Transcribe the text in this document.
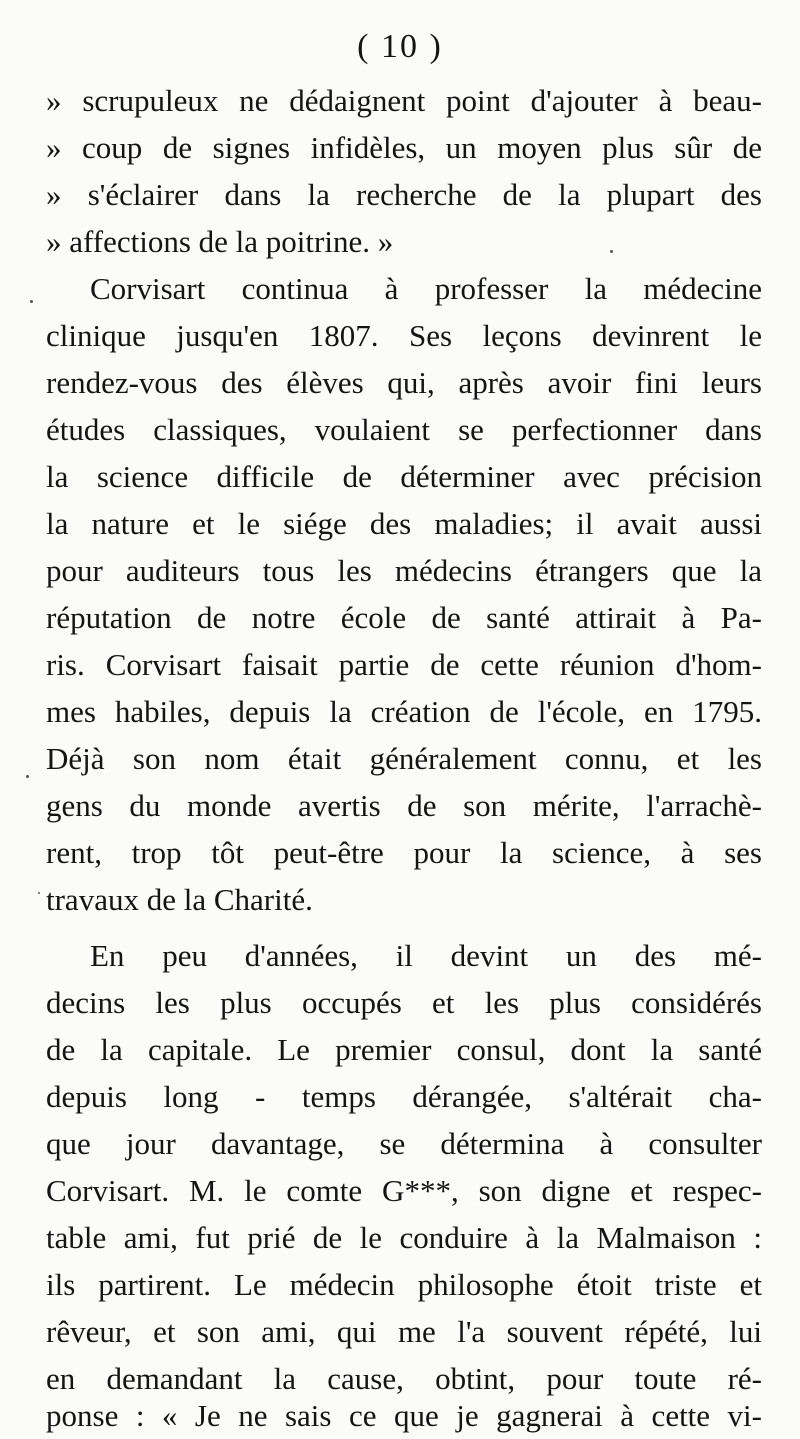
( 10 )
» scrupuleux ne dédaignent point d'ajouter à beau-
» coup de signes infidèles, un moyen plus sûr de
» s'éclairer dans la recherche de la plupart des
» affections de la poitrine. »
Corvisart continua à professer la médecine
clinique jusqu'en 1807. Ses leçons devinrent le
rendez-vous des élèves qui, après avoir fini leurs
études classiques, voulaient se perfectionner dans
la science difficile de déterminer avec précision
la nature et le siége des maladies; il avait aussi
pour auditeurs tous les médecins étrangers que la
réputation de notre école de santé attirait à Pa-
ris. Corvisart faisait partie de cette réunion d'hom-
mes habiles, depuis la création de l'école, en 1795.
Déjà son nom était généralement connu, et les
gens du monde avertis de son mérite, l'arrachè-
rent, trop tôt peut-être pour la science, à ses
travaux de la Charité.
En peu d'années, il devint un des mé-
decins les plus occupés et les plus considérés
de la capitale. Le premier consul, dont la santé
depuis long - temps dérangée, s'altérait cha-
que jour davantage, se détermina à consulter
Corvisart. M. le comte G***, son digne et respec-
table ami, fut prié de le conduire à la Malmaison :
ils partirent. Le médecin philosophe étoit triste et
rêveur, et son ami, qui me l'a souvent répété, lui
en demandant la cause, obtint, pour toute ré-
ponse : « Je ne sais ce que je gagnerai à cette vi-
